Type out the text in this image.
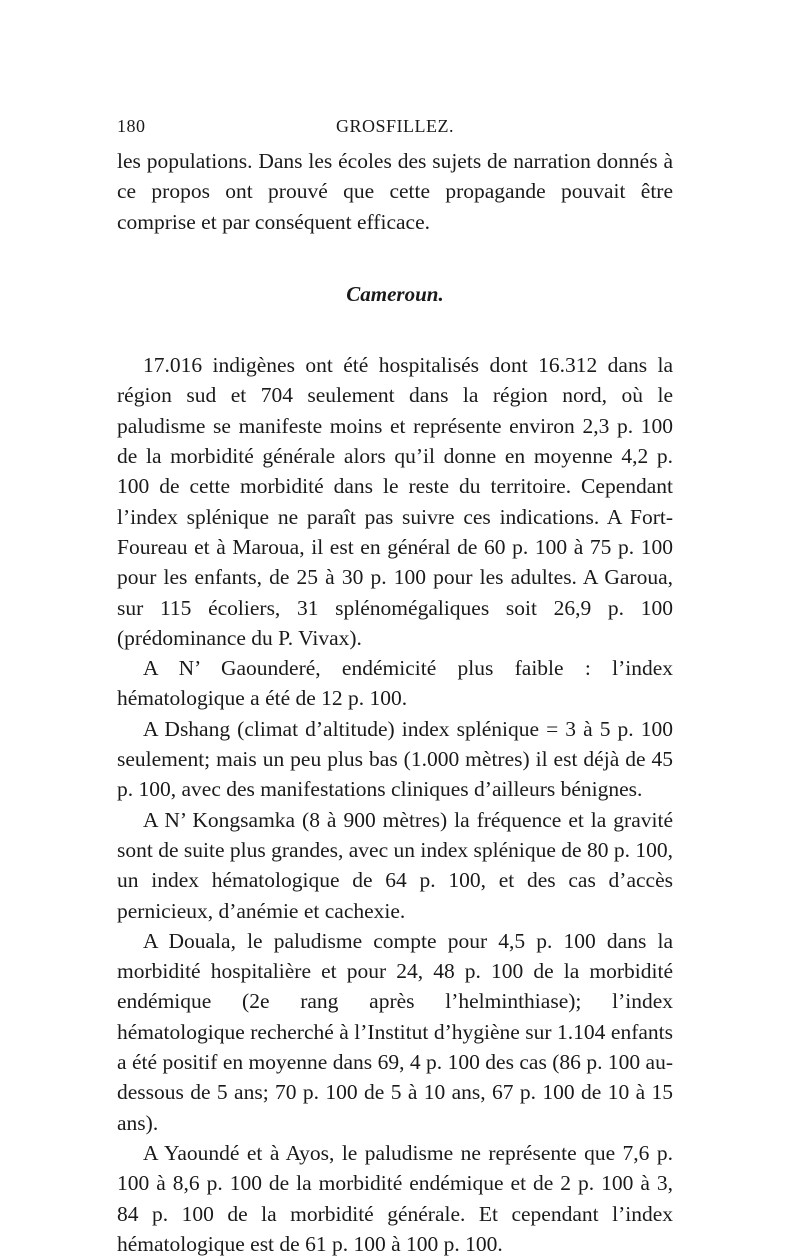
180	GROSFILLEZ.

les populations. Dans les écoles des sujets de narration donnés à ce propos ont prouvé que cette propagande pouvait être comprise et par conséquent efficace.

Cameroun.

17.016 indigènes ont été hospitalisés dont 16.312 dans la région sud et 704 seulement dans la région nord, où le paludisme se manifeste moins et représente environ 2,3 p. 100 de la morbidité générale alors qu’il donne en moyenne 4,2 p. 100 de cette morbidité dans le reste du territoire. Cependant l’index splénique ne paraît pas suivre ces indications. A Fort-Foureau et à Maroua, il est en général de 60 p. 100 à 75 p. 100 pour les enfants, de 25 à 30 p. 100 pour les adultes. A Garoua, sur 115 écoliers, 31 splénomégaliques soit 26,9 p. 100 (prédominance du P. Vivax).

A N’ Gaounderé, endémicité plus faible : l’index hématologique a été de 12 p. 100.

A Dshang (climat d’altitude) index splénique = 3 à 5 p. 100 seulement; mais un peu plus bas (1.000 mètres) il est déjà de 45 p. 100, avec des manifestations cliniques d’ailleurs bénignes.

A N’ Kongsamka (8 à 900 mètres) la fréquence et la gravité sont de suite plus grandes, avec un index splénique de 80 p. 100, un index hématologique de 64 p. 100, et des cas d’accès pernicieux, d’anémie et cachexie.

A Douala, le paludisme compte pour 4,5 p. 100 dans la morbidité hospitalière et pour 24, 48 p. 100 de la morbidité endémique (2e rang après l’helminthiase); l’index hématologique recherché à l’Institut d’hygiène sur 1.104 enfants a été positif en moyenne dans 69, 4 p. 100 des cas (86 p. 100 au-dessous de 5 ans; 70 p. 100 de 5 à 10 ans, 67 p. 100 de 10 à 15 ans).

A Yaoundé et à Ayos, le paludisme ne représente que 7,6 p. 100 à 8,6 p. 100 de la morbidité endémique et de 2 p. 100 à 3, 84 p. 100 de la morbidité générale. Et cependant l’index hématologique est de 61 p. 100 à 100 p. 100.
